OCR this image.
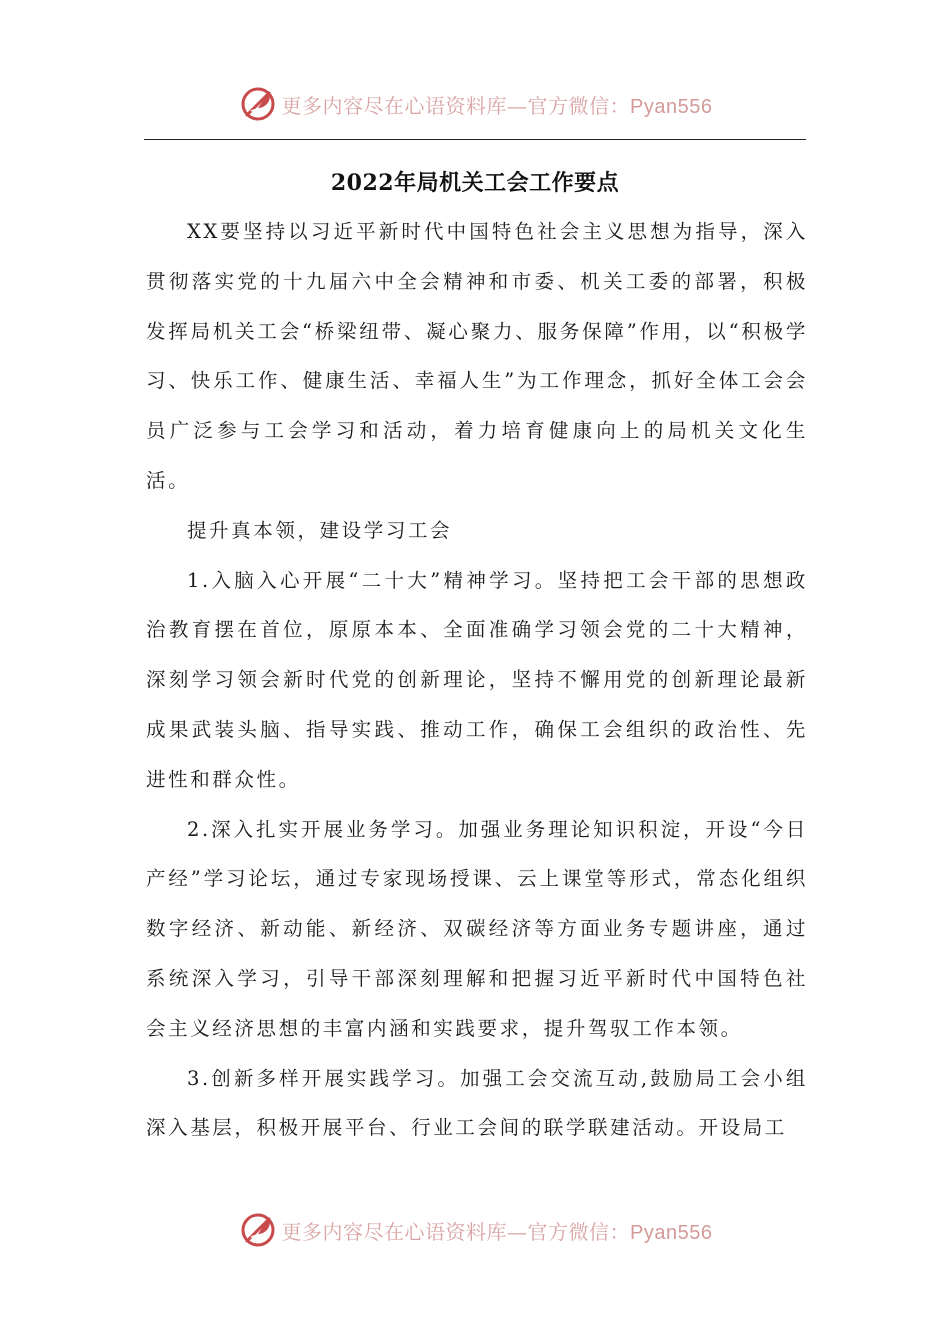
更多内容尽在心语资料库—官方微信：Pyan556
2022年局机关工会工作要点

XX要坚持以习近平新时代中国特色社会主义思想为指导，深入贯彻落实党的十九届六中全会精神和市委、机关工委的部署，积极发挥局机关工会“桥梁纽带、凝心聚力、服务保障”作用，以“积极学习、快乐工作、健康生活、幸福人生”为工作理念，抓好全体工会会员广泛参与工会学习和活动，着力培育健康向上的局机关文化生活。

提升真本领，建设学习工会

1.入脑入心开展“二十大”精神学习。坚持把工会干部的思想政治教育摆在首位，原原本本、全面准确学习领会党的二十大精神，深刻学习领会新时代党的创新理论，坚持不懈用党的创新理论最新成果武装头脑、指导实践、推动工作，确保工会组织的政治性、先进性和群众性。

2.深入扎实开展业务学习。加强业务理论知识积淀，开设“今日产经”学习论坛，通过专家现场授课、云上课堂等形式，常态化组织数字经济、新动能、新经济、双碳经济等方面业务专题讲座，通过系统深入学习，引导干部深刻理解和把握习近平新时代中国特色社会主义经济思想的丰富内涵和实践要求，提升驾驭工作本领。

3.创新多样开展实践学习。加强工会交流互动,鼓励局工会小组深入基层，积极开展平台、行业工会间的联学联建活动。开设局工

更多内容尽在心语资料库—官方微信：Pyan556
